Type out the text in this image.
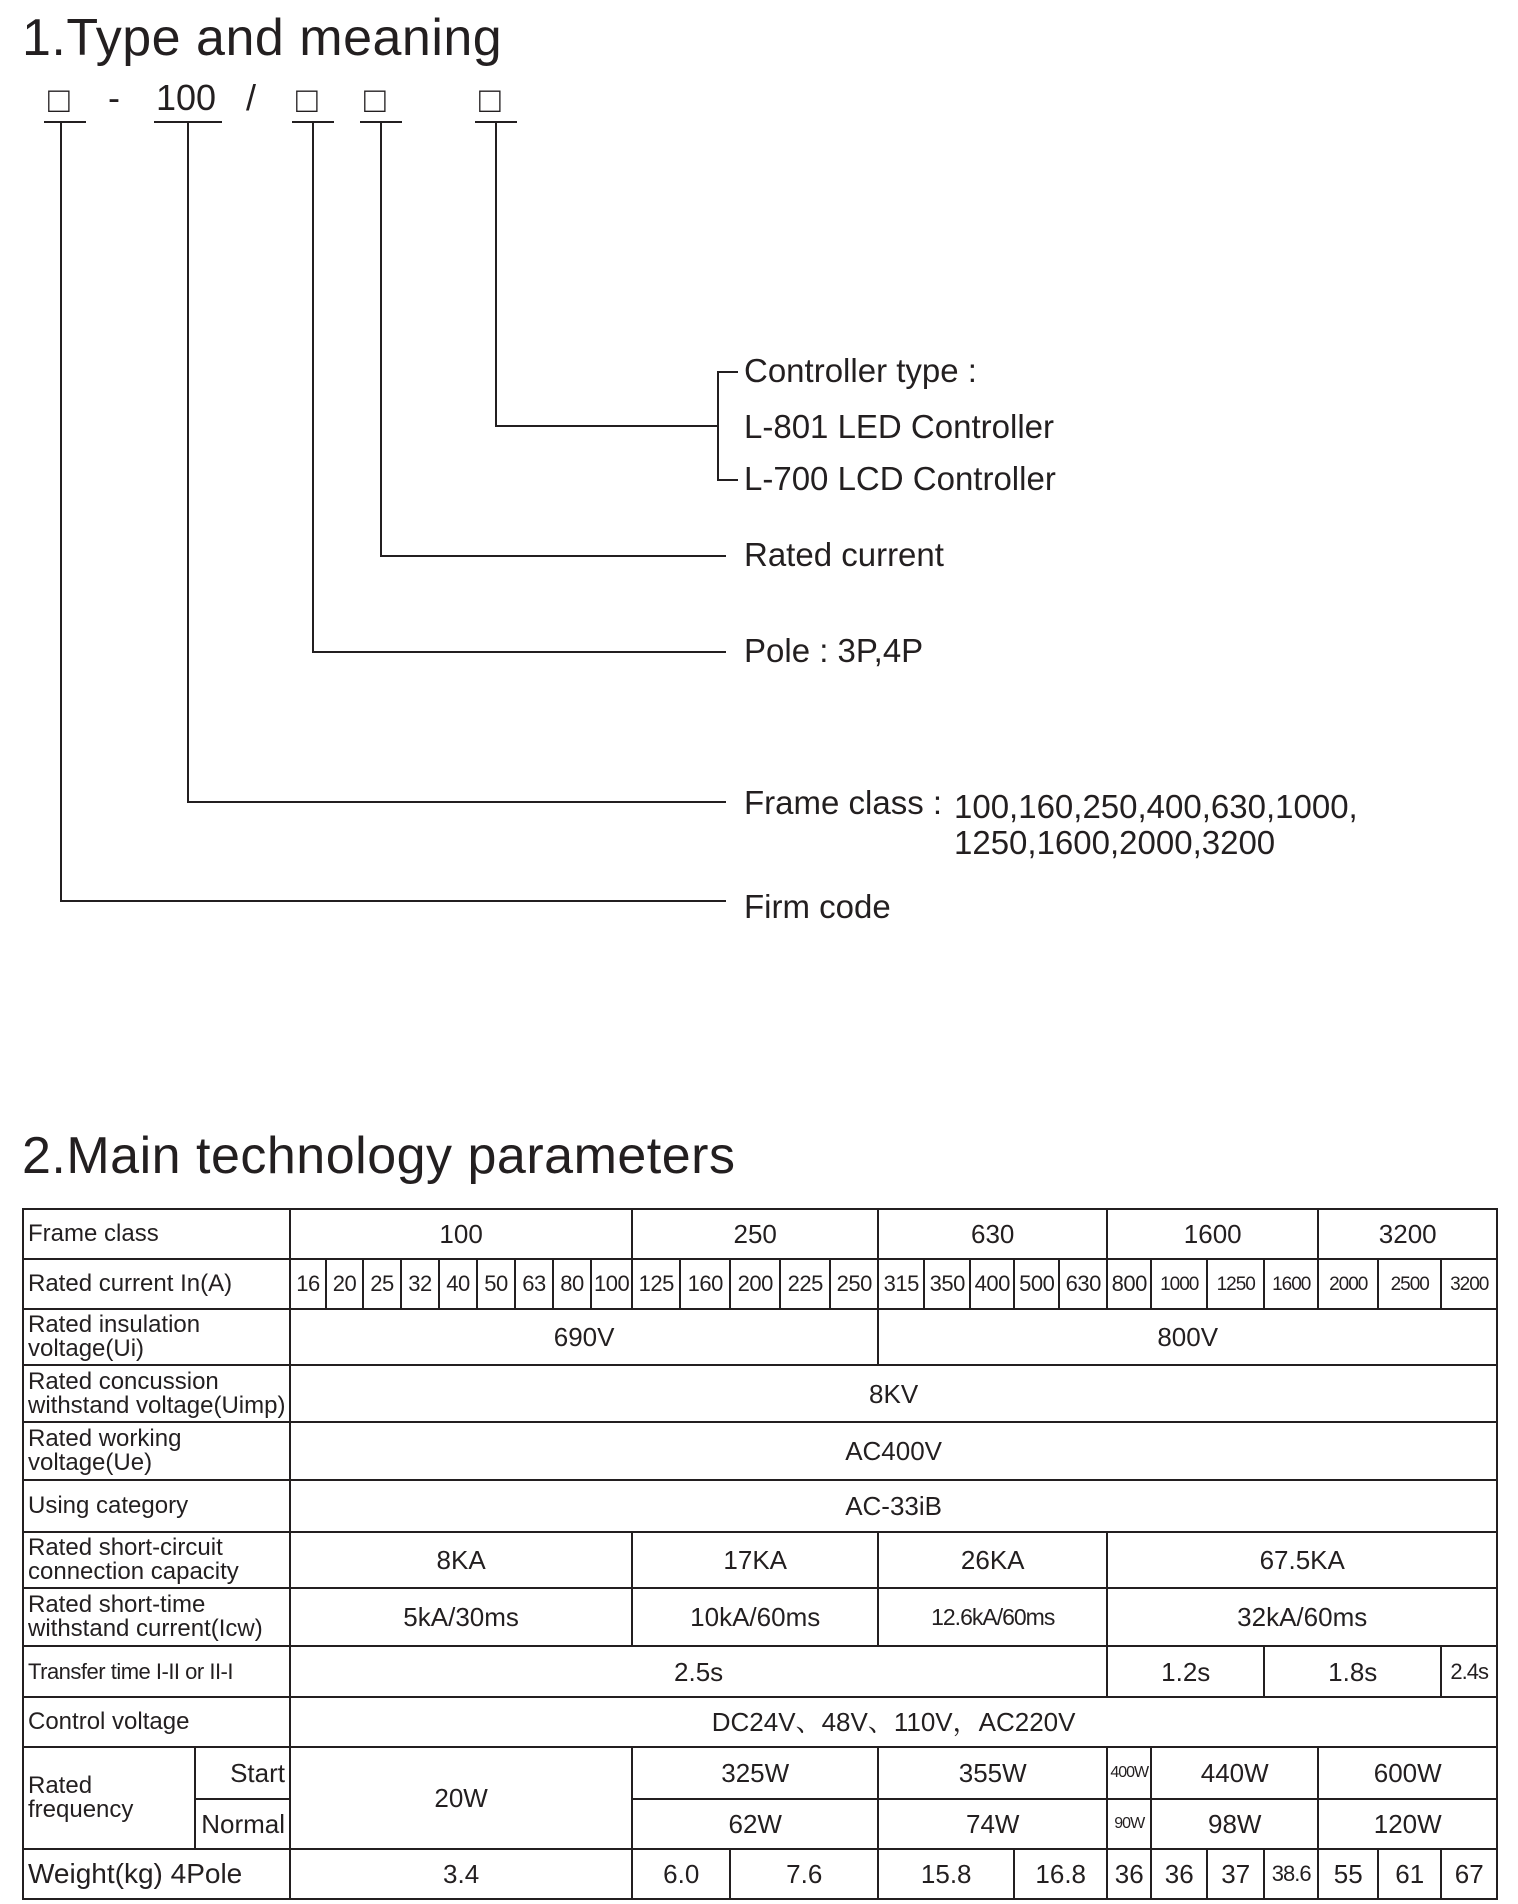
1.Type and meaning
□ - 100 / □ □	□
Controller type :
L-801 LED Controller
L-700 LCD Controller
Rated current
Pole : 3P,4P
Frame class : 100,160,250,400,630,1000,
1250,1600,2000,3200
Firm code
2.Main technology parameters
Frame class		100									250					630					1600				3200		
Rated current In(A)		16	20	25	32	40	50	63	80	100	125	160	200	225	250	315	350	400	500	630	800	1000	1250	1600	2000	2500	3200
Rated insulation voltage(Ui)		690V														800V											
Rated concussion withstand voltage(Uimp)		8KV																									
Rated working voltage(Ue)		AC400V																									
Using category		AC-33iB																									
Rated short-circuit connection capacity		8KA									17KA					26KA					67.5KA						
Rated short-time withstand current(Icw)		5kA/30ms									10kA/60ms					12.6kA/60ms					32kA/60ms						
Transfer time I-II or II-I		2.5s																			1.2s			1.8s			2.4s
Control voltage		DC24V、48V、110V，AC220V																									
Rated frequency	Start	20W									325W					355W					400W	440W			600W		
	Normal										62W					74W					90W	98W			120W		
Weight(kg) 4Pole		3.4									6.0		7.6			15.8			16.8		36	36	37	38.6	55	61	67
